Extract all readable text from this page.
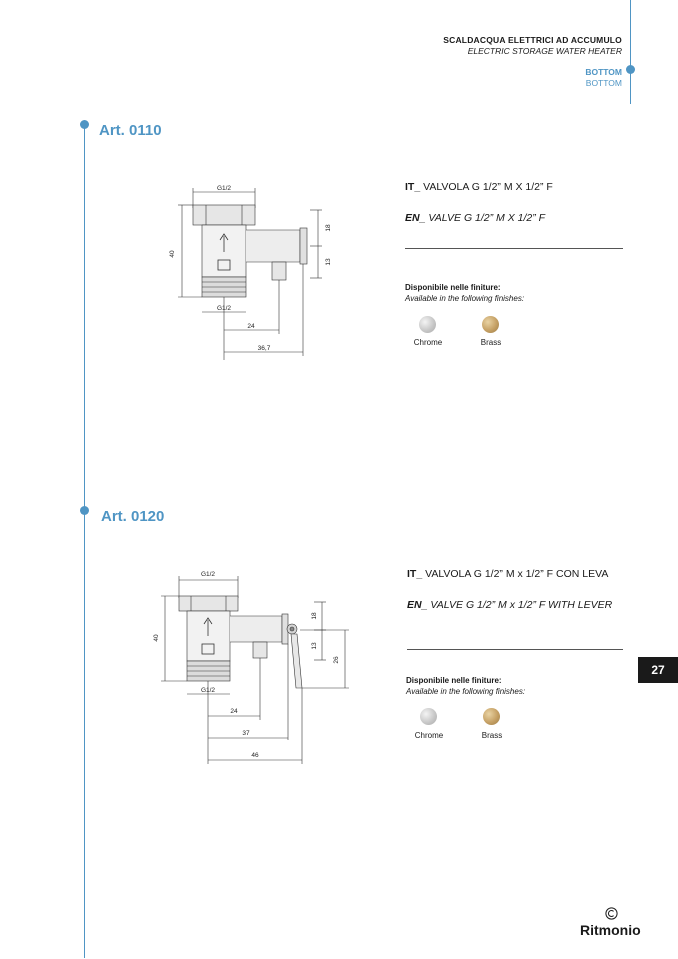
SCALDACQUA ELETTRICI AD ACCUMULO
ELECTRIC STORAGE WATER HEATER
BOTTOM
BOTTOM
Art. 0110
G1/2
40
18
13
G1/2
24
36,7
IT_ VALVOLA G 1/2” M X 1/2” F
EN_ VALVE G 1/2” M X 1/2” F
Disponibile nelle finiture:
Available in the following finishes:
Chrome	Brass
Art. 0120
G1/2
40
18
13
26
G1/2
24
37
46
IT_ VALVOLA G 1/2” M x 1/2” F CON LEVA
EN_ VALVE G 1/2” M x 1/2” F WITH LEVER
Disponibile nelle finiture:
Available in the following finishes:
Chrome	Brass
27
Ritmonio
